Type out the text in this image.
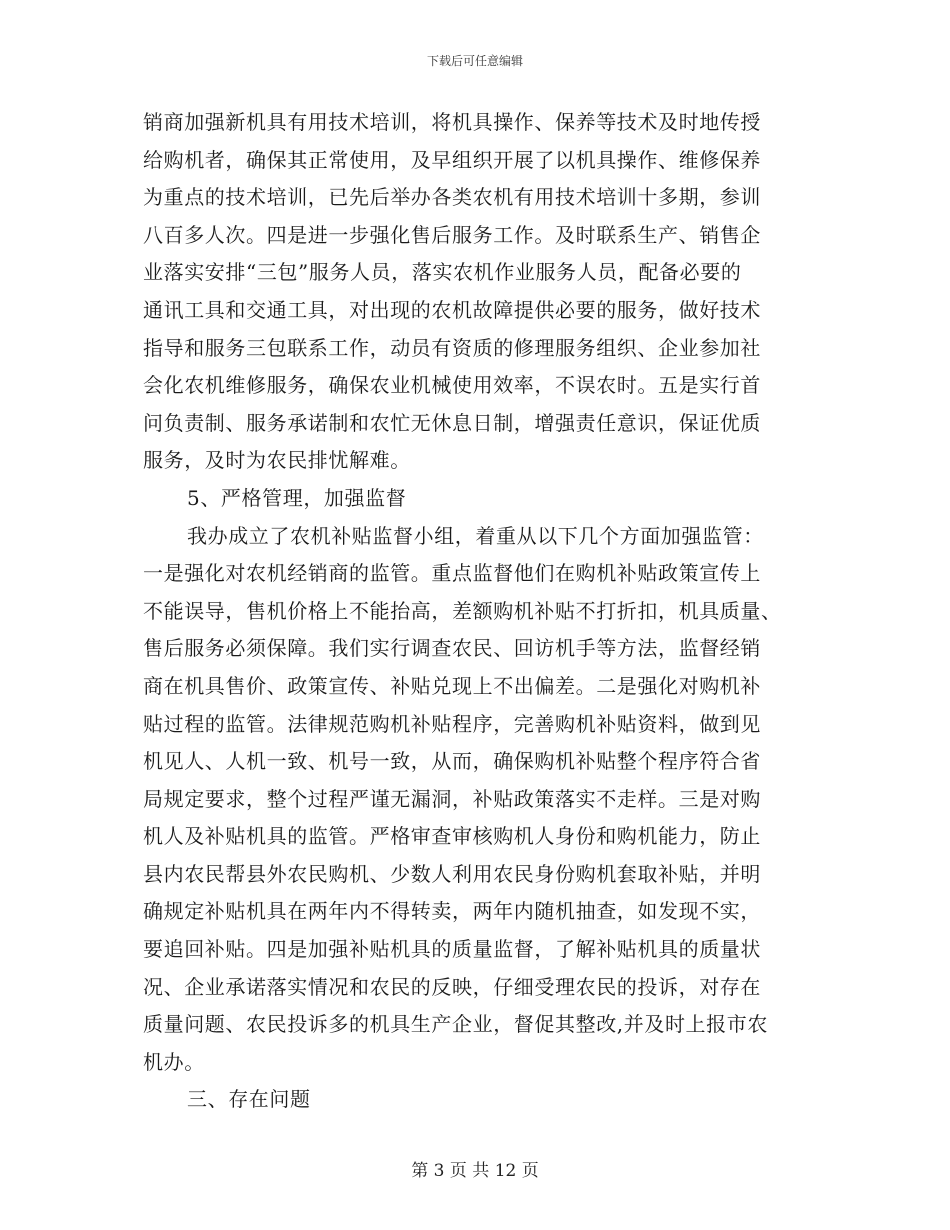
下载后可任意编辑
销商加强新机具有用技术培训，将机具操作、保养等技术及时地传授
给购机者，确保其正常使用，及早组织开展了以机具操作、维修保养
为重点的技术培训，已先后举办各类农机有用技术培训十多期，参训
八百多人次。四是进一步强化售后服务工作。及时联系生产、销售企
业落实安排“三包”服务人员，落实农机作业服务人员，配备必要的
通讯工具和交通工具，对出现的农机故障提供必要的服务，做好技术
指导和服务三包联系工作，动员有资质的修理服务组织、企业参加社
会化农机维修服务，确保农业机械使用效率，不误农时。五是实行首
问负责制、服务承诺制和农忙无休息日制，增强责任意识，保证优质
服务，及时为农民排忧解难。
5、严格管理，加强监督
我办成立了农机补贴监督小组，着重从以下几个方面加强监管：
一是强化对农机经销商的监管。重点监督他们在购机补贴政策宣传上
不能误导，售机价格上不能抬高，差额购机补贴不打折扣，机具质量、
售后服务必须保障。我们实行调查农民、回访机手等方法，监督经销
商在机具售价、政策宣传、补贴兑现上不出偏差。二是强化对购机补
贴过程的监管。法律规范购机补贴程序，完善购机补贴资料，做到见
机见人、人机一致、机号一致，从而，确保购机补贴整个程序符合省
局规定要求，整个过程严谨无漏洞，补贴政策落实不走样。三是对购
机人及补贴机具的监管。严格审查审核购机人身份和购机能力，防止
县内农民帮县外农民购机、少数人利用农民身份购机套取补贴，并明
确规定补贴机具在两年内不得转卖，两年内随机抽查，如发现不实，
要追回补贴。四是加强补贴机具的质量监督，了解补贴机具的质量状
况、企业承诺落实情况和农民的反映，仔细受理农民的投诉，对存在
质量问题、农民投诉多的机具生产企业，督促其整改,并及时上报市农
机办。
三、存在问题
第 3 页 共 12 页
